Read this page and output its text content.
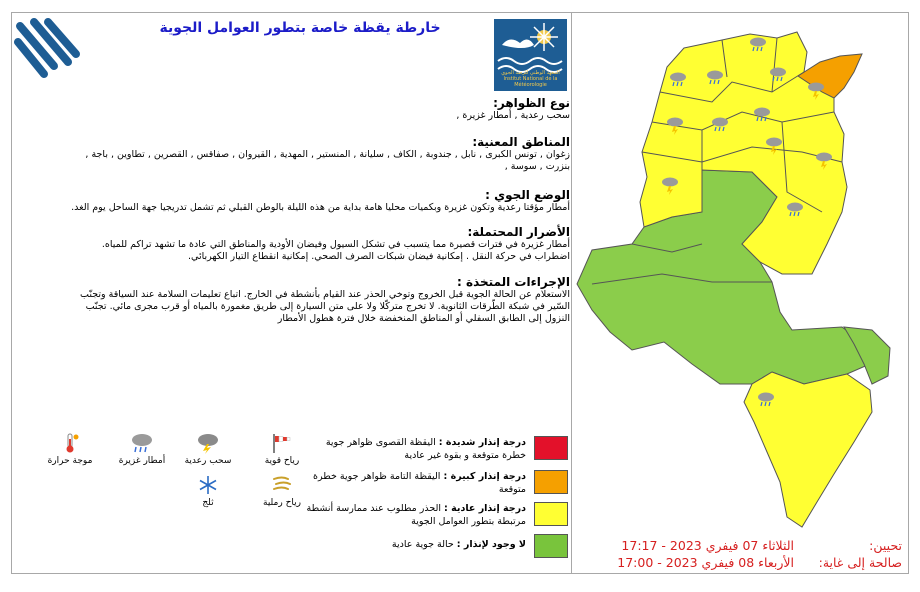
خارطة يقظة خاصة بتطور العوامل الجوية
المعهد الوطني للرصد الجوي Institut National de la Météorologie
نوع الظواهر:
سحب رعدية , أمطار غزيرة ,
المناطق المعنية:
زغوان , تونس الكبرى , نابل , جندوبة , الكاف , سليانة , المنستير , المهدية , القيروان , صفاقس , القصرين , تطاوين , باجة , بنزرت , سوسة ,
الوضع الجوي :
أمطار مؤقتا رعدية وتكون غزيرة وبكميات محليا هامة بداية من هذه الليلة بالوطن القبلي ثم تشمل تدريجيا جهة الساحل يوم الغد.
الأضرار المحتملة:
أمطار غزيرة في فترات قصيرة مما يتسبب في تشكل السيول وفيضان الأودية والمناطق التي عادة ما تشهد تراكم للمياه. اضطراب في حركة النقل . إمكانية فيضان شبكات الصرف الصحي. إمكانية انقطاع التيار الكهربائي.
الإجراءات المتخذة :
الاستعلام عن الحالة الجوية قبل الخروج وتوخي الحذر عند القيام بأنشطة في الخارج. اتباع تعليمات السلامة عند السياقة وتجنّب السّير في شبكة الطّرقات الثانوية. لا تخرج متركّلا ولا على متن السيارة إلى طريق مغمورة بالمياه أو قرب مجرى مائي. تجنّب النزول إلى الطابق السفلي أو المناطق المنخفضة خلال فترة هطول الأمطار
رياح قوية
سحب رعدية
أمطار غزيرة
موجة حرارة
رياح رملية
ثلج
درجة إنذار شديدة : اليقظة القصوى ظواهر جوية خطرة متوقعة و بقوة غير عادية
درجة إنذار كبيرة : اليقظة التامة ظواهر جوية خطرة متوقعة
درجة إنذار عادية : الحذر مطلوب عند ممارسة أنشطة مرتبطة بتطور العوامل الجوية
لا وجود لإنذار : حالة جوية عادية	تحيين:
الثلاثاء 07 فيفري 2023 - 17:17
صالحة إلى غاية:
الأربعاء 08 فيفري 2023 - 17:00
